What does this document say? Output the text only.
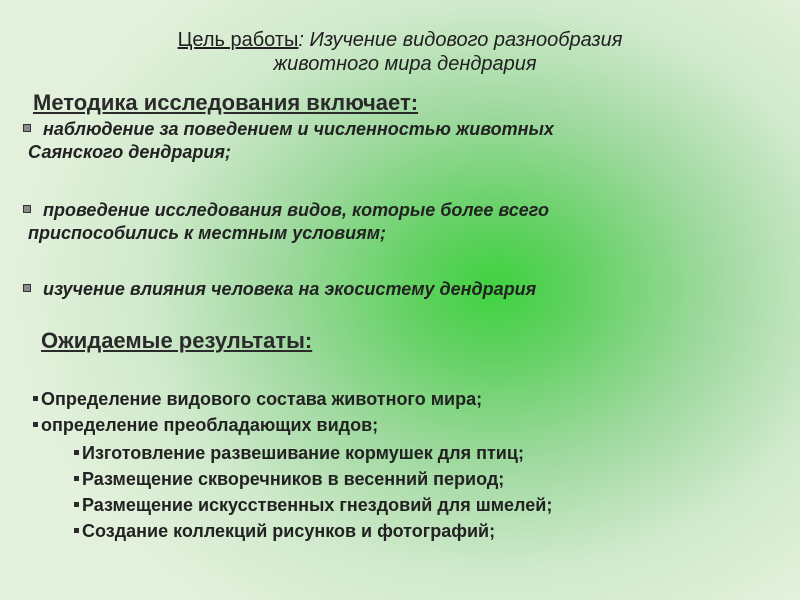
Цель работы: Изучение видового разнообразия
животного мира дендрария
Методика исследования включает:
наблюдение за поведением и численностью животных
Саянского дендрария;
проведение исследования видов, которые более всего
приспособились к местным условиям;
изучение влияния человека на экосистему дендрария
Ожидаемые результаты:
Определение видового состава животного мира;
определение преобладающих видов;
Изготовление развешивание кормушек для птиц;
Размещение скворечников в весенний период;
Размещение искусственных гнездовий для шмелей;
Создание коллекций рисунков и фотографий;
